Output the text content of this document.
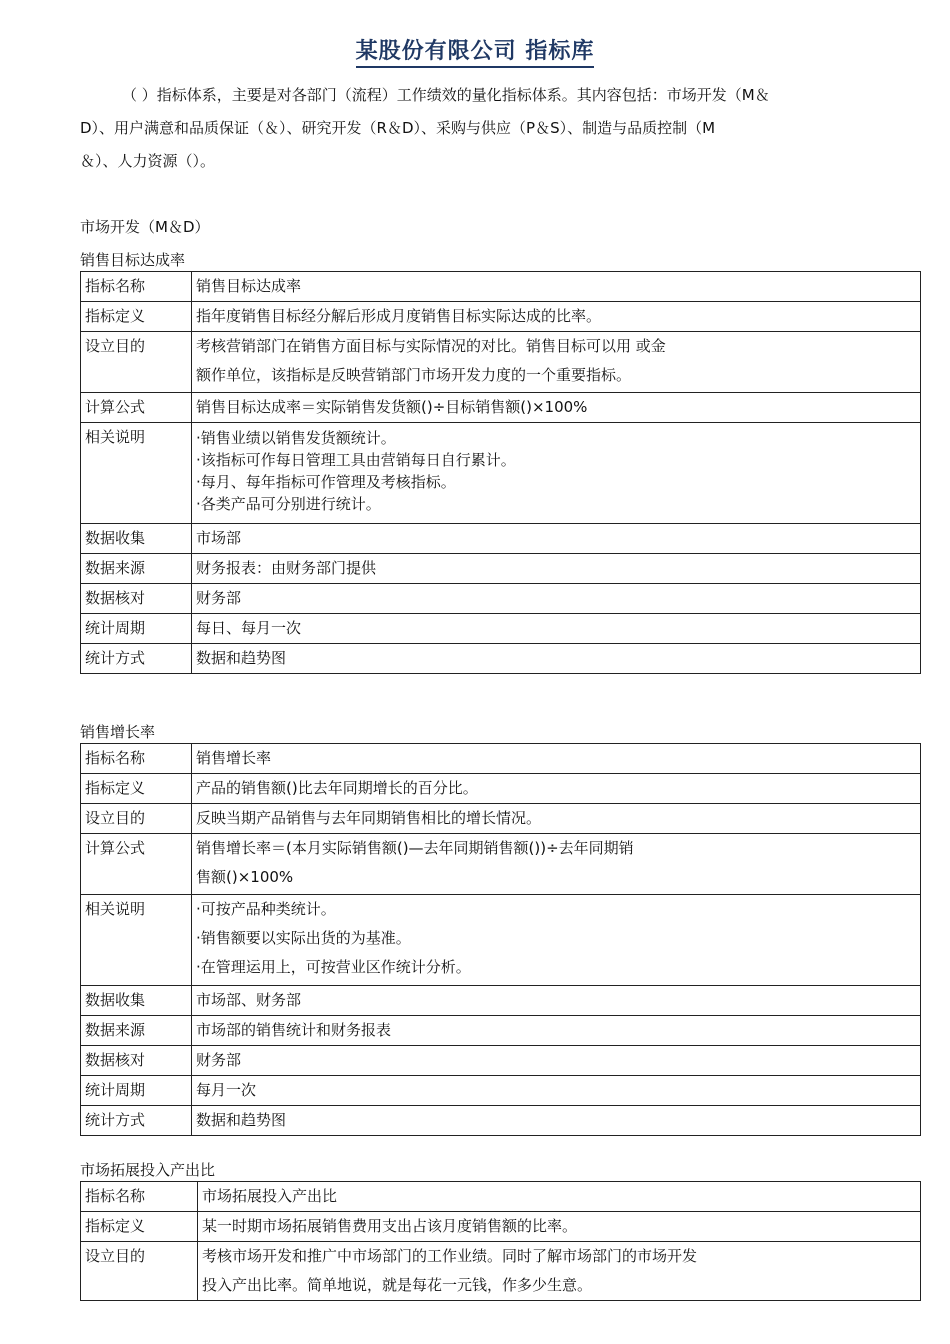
某股份有限公司 指标库

（ ）指标体系，主要是对各部门（流程）工作绩效的量化指标体系。其内容包括：市场开发（M＆

D）、用户满意和品质保证（＆）、研究开发（R＆D）、采购与供应（P＆S）、制造与品质控制（M

＆）、人力资源（）。

市场开发（M＆D）
销售目标达成率
指标名称	销售目标达成率
指标定义	指年度销售目标经分解后形成月度销售目标实际达成的比率。
设立目的	考核营销部门在销售方面目标与实际情况的对比。销售目标可以用 或金
额作单位，该指标是反映营销部门市场开发力度的一个重要指标。

计算公式	销售目标达成率＝实际销售发货额()÷目标销售额()×100%
相关说明	·销售业绩以销售发货额统计。
·该指标可作每日管理工具由营销每日自行累计。
·每月、每年指标可作管理及考核指标。
·各类产品可分别进行统计。

数据收集	市场部
数据来源	财务报表：由财务部门提供
数据核对	财务部
统计周期	每日、每月一次
统计方式	数据和趋势图
销售增长率
指标名称	销售增长率
指标定义	产品的销售额()比去年同期增长的百分比。
设立目的	反映当期产品销售与去年同期销售相比的增长情况。
计算公式	销售增长率＝(本月实际销售额()—去年同期销售额())÷去年同期销
售额()×100%

相关说明	·可按产品种类统计。
·销售额要以实际出货的为基准。
·在管理运用上，可按营业区作统计分析。

数据收集	市场部、财务部
数据来源	市场部的销售统计和财务报表
数据核对	财务部
统计周期	每月一次
统计方式	数据和趋势图
市场拓展投入产出比
指标名称	市场拓展投入产出比
指标定义	某一时期市场拓展销售费用支出占该月度销售额的比率。
设立目的	考核市场开发和推广中市场部门的工作业绩。同时了解市场部门的市场开发
投入产出比率。简单地说，就是每花一元钱，作多少生意。
